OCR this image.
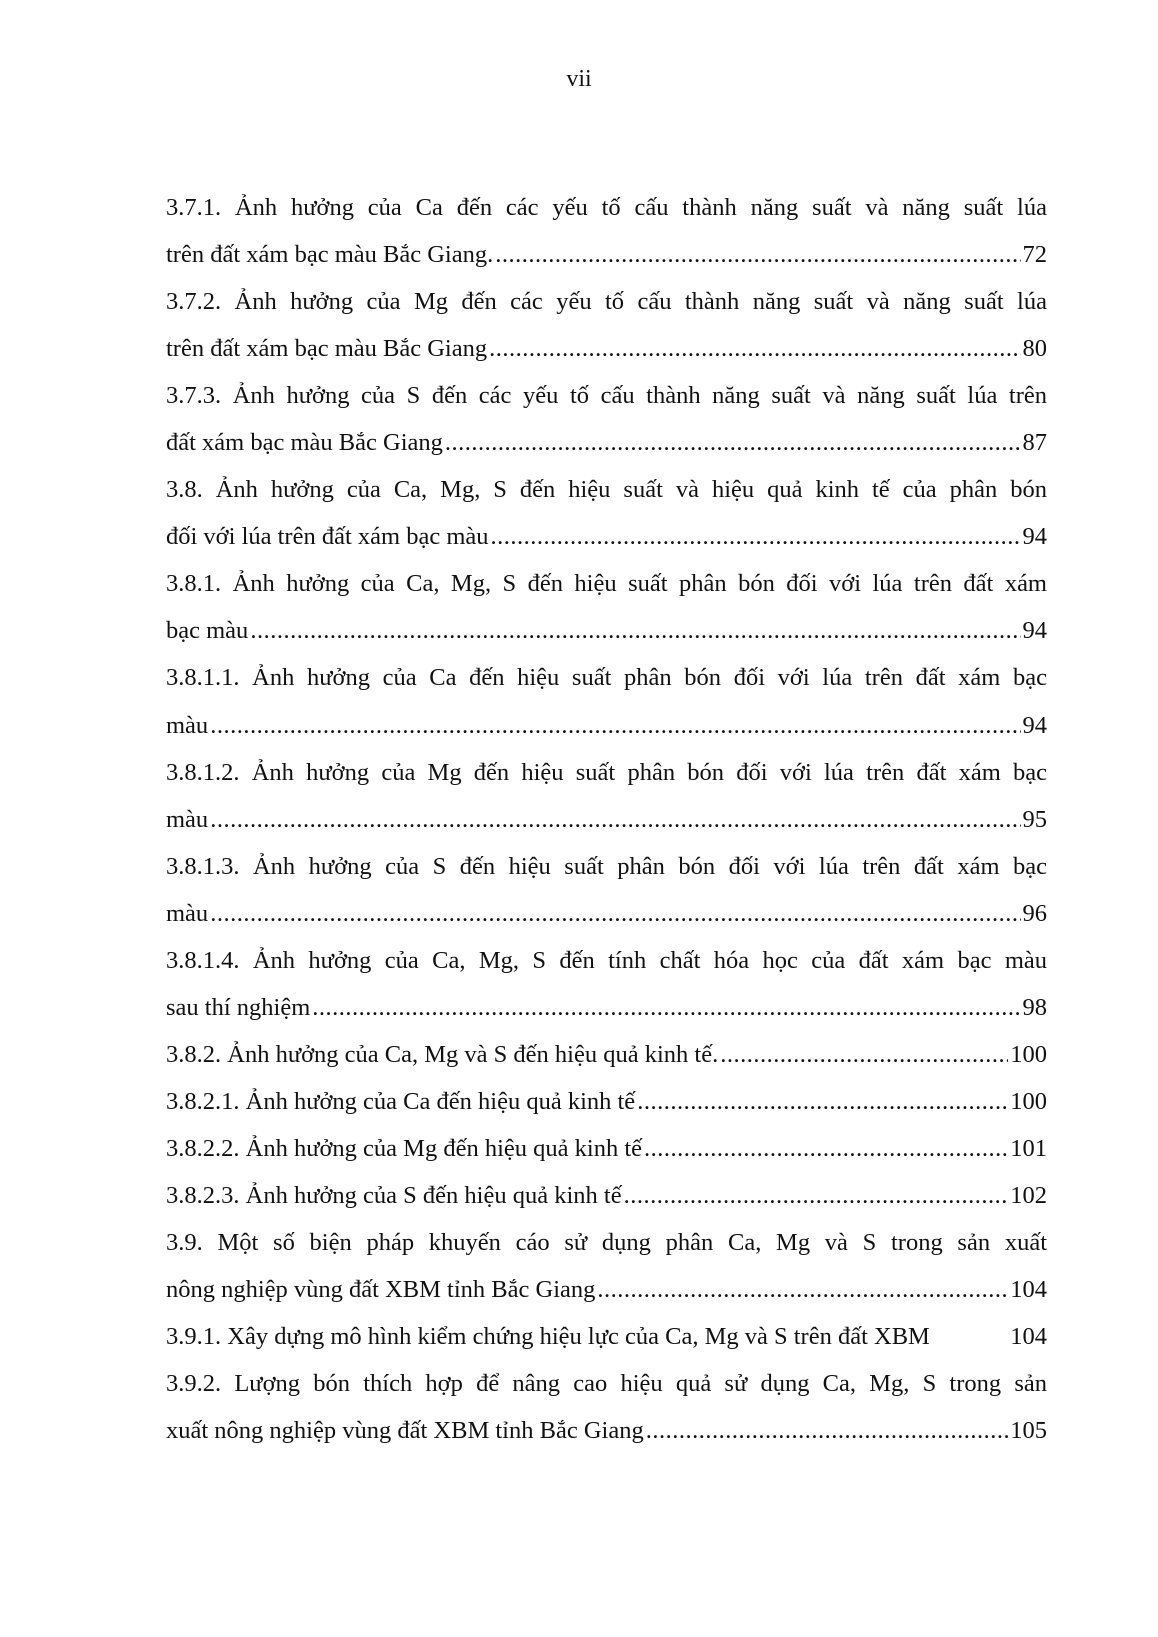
vii
3.7.1. Ảnh hưởng của Ca đến các yếu tố cấu thành năng suất và năng suất lúa
trên đất xám bạc màu Bắc Giang. .....	72
3.7.2. Ảnh hưởng của Mg đến các yếu tố cấu thành năng suất và năng suất lúa
trên đất xám bạc màu Bắc Giang .....	80
3.7.3. Ảnh hưởng của S đến các yếu tố cấu thành năng suất và năng suất lúa trên
đất xám bạc màu Bắc Giang .....	87
3.8. Ảnh hưởng của Ca, Mg, S đến hiệu suất và hiệu quả kinh tế của phân bón
đối với lúa trên đất xám bạc màu .....	94
3.8.1. Ảnh hưởng của Ca, Mg, S đến hiệu suất phân bón đối với lúa trên đất xám
bạc màu .....	94
3.8.1.1. Ảnh hưởng của Ca đến hiệu suất phân bón đối với lúa trên đất xám bạc
màu .....	94
3.8.1.2. Ảnh hưởng của Mg đến hiệu suất phân bón đối với lúa trên đất xám bạc
màu .....	95
3.8.1.3. Ảnh hưởng của S đến hiệu suất phân bón đối với lúa trên đất xám bạc
màu .....	96
3.8.1.4. Ảnh hưởng của Ca, Mg, S đến tính chất hóa học của đất xám bạc màu
sau thí nghiệm .....	98
3.8.2. Ảnh hưởng của Ca, Mg và S đến hiệu quả kinh tế. .....	100
3.8.2.1. Ảnh hưởng của Ca đến hiệu quả kinh tế .....	100
3.8.2.2. Ảnh hưởng của Mg đến hiệu quả kinh tế .....	101
3.8.2.3. Ảnh hưởng của S đến hiệu quả kinh tế .....	102
3.9. Một số biện pháp khuyến cáo sử dụng phân Ca, Mg và S trong sản xuất
nông nghiệp vùng đất XBM tỉnh Bắc Giang .....	104
3.9.1. Xây dựng mô hình kiểm chứng hiệu lực của Ca, Mg và S trên đất XBM	104
3.9.2. Lượng bón thích hợp để nâng cao hiệu quả sử dụng Ca, Mg, S trong sản
xuất nông nghiệp vùng đất XBM tỉnh Bắc Giang .....	105
